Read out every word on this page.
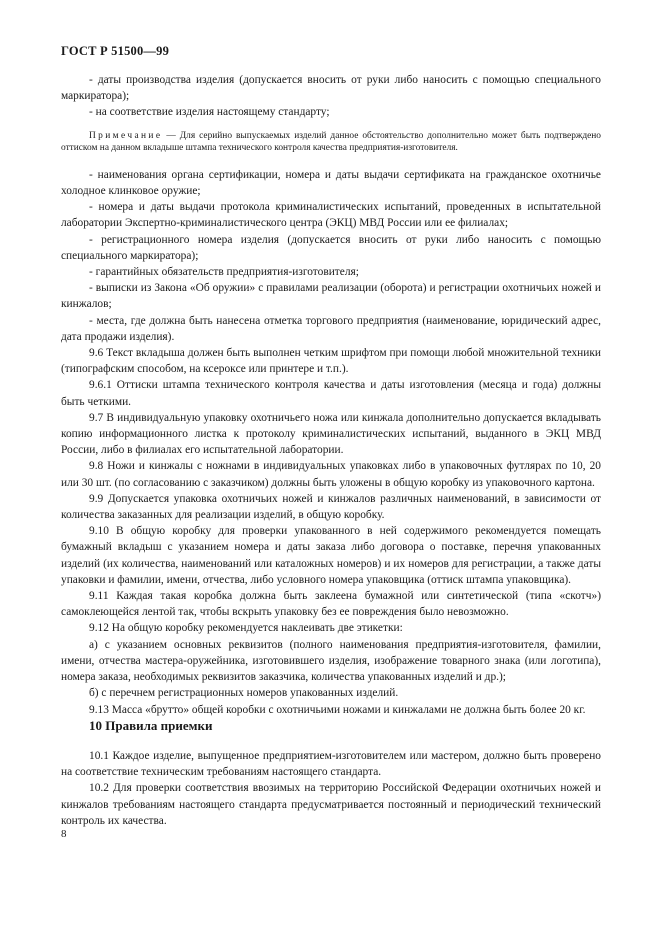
ГОСТ Р 51500—99

- даты производства изделия (допускается вносить от руки либо наносить с помощью специального маркиратора);

- на соответствие изделия настоящему стандарту;

Примечание — Для серийно выпускаемых изделий данное обстоятельство дополнительно может быть подтверждено оттиском на данном вкладыше штампа технического контроля качества предприятия-изготовителя.

- наименования органа сертификации, номера и даты выдачи сертификата на гражданское охотничье холодное клинковое оружие;

- номера и даты выдачи протокола криминалистических испытаний, проведенных в испытательной лаборатории Экспертно-криминалистического центра (ЭКЦ) МВД России или ее филиалах;

- регистрационного номера изделия (допускается вносить от руки либо наносить с помощью специального маркиратора);

- гарантийных обязательств предприятия-изготовителя;

- выписки из Закона «Об оружии» с правилами реализации (оборота) и регистрации охотничьих ножей и кинжалов;

- места, где должна быть нанесена отметка торгового предприятия (наименование, юридический адрес, дата продажи изделия).

9.6 Текст вкладыша должен быть выполнен четким шрифтом при помощи любой множительной техники (типографским способом, на ксерокce или принтере и т.п.).

9.6.1 Оттиски штампа технического контроля качества и даты изготовления (месяца и года) должны быть четкими.

9.7 В индивидуальную упаковку охотничьего ножа или кинжала дополнительно допускается вкладывать копию информационного листка к протоколу криминалистических испытаний, выданного в ЭКЦ МВД России, либо в филиалах его испытательной лаборатории.

9.8 Ножи и кинжалы с ножнами в индивидуальных упаковках либо в упаковочных футлярах по 10, 20 или 30 шт. (по согласованию с заказчиком) должны быть уложены в общую коробку из упаковочного картона.

9.9 Допускается упаковка охотничьих ножей и кинжалов различных наименований, в зависимости от количества заказанных для реализации изделий, в общую коробку.

9.10 В общую коробку для проверки упакованного в ней содержимого рекомендуется помещать бумажный вкладыш с указанием номера и даты заказа либо договора о поставке, перечня упакованных изделий (их количества, наименований или каталожных номеров) и их номеров для регистрации, а также даты упаковки и фамилии, имени, отчества, либо условного номера упаковщика (оттиск штампа упаковщика).

9.11 Каждая такая коробка должна быть заклеена бумажной или синтетической (типа «скотч») самоклеющейся лентой так, чтобы вскрыть упаковку без ее повреждения было невозможно.

9.12 На общую коробку рекомендуется наклеивать две этикетки:

а) с указанием основных реквизитов (полного наименования предприятия-изготовителя, фамилии, имени, отчества мастера-оружейника, изготовившего изделия, изображение товарного знака (или логотипа), номера заказа, необходимых реквизитов заказчика, количества упакованных изделий и др.);

б) с перечнем регистрационных номеров упакованных изделий.

9.13 Масса «брутто» общей коробки с охотничьими ножами и кинжалами не должна быть более 20 кг.

10 Правила приемки

10.1 Каждое изделие, выпущенное предприятием-изготовителем или мастером, должно быть проверено на соответствие техническим требованиям настоящего стандарта.

10.2 Для проверки соответствия ввозимых на территорию Российской Федерации охотничьих ножей и кинжалов требованиям настоящего стандарта предусматривается постоянный и периодический технический контроль их качества.

8
